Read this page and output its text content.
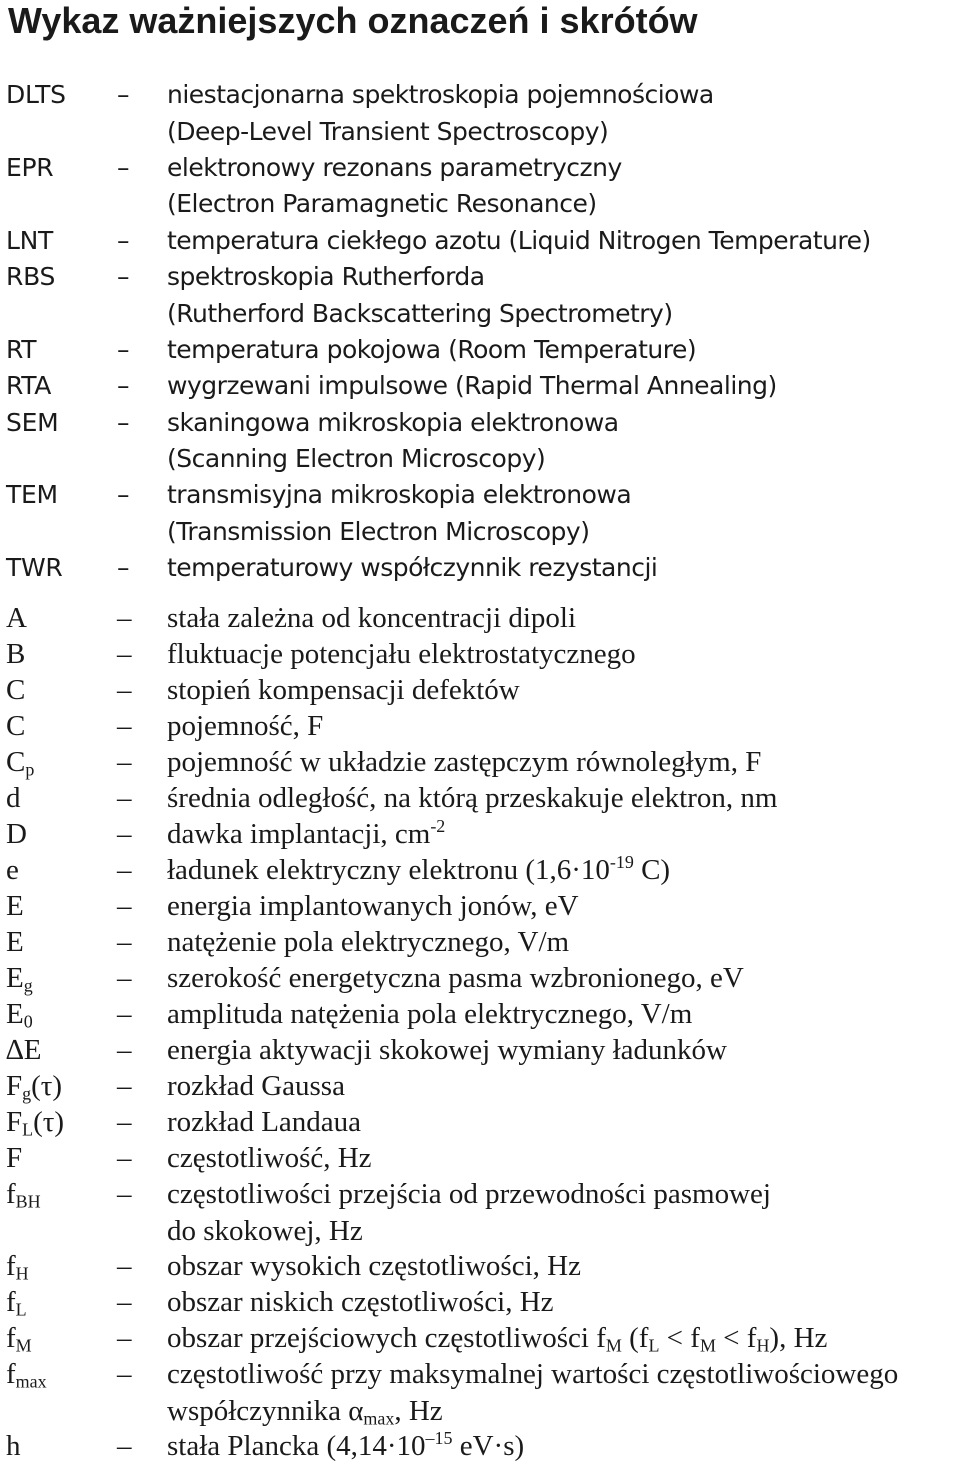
Wykaz ważniejszych oznaczeń i skrótów
DLTS – niestacjonarna spektroskopia pojemnościowa
(Deep-Level Transient Spectroscopy)
EPR	– elektronowy rezonans parametryczny
(Electron Paramagnetic Resonance)
LNT	– temperatura ciekłego azotu (Liquid Nitrogen Temperature)
RBS – spektroskopia Rutherforda
(Rutherford Backscattering Spectrometry)
RT	– temperatura pokojowa (Room Temperature)
RTA	– wygrzewani impulsowe (Rapid Thermal Annealing)
SEM – skaningowa mikroskopia elektronowa
(Scanning Electron Microscopy)
TEM – transmisyjna mikroskopia elektronowa
(Transmission Electron Microscopy)
TWR – temperaturowy współczynnik rezystancji
A	– stała zależna od koncentracji dipoli
B	– fluktuacje potencjału elektrostatycznego
C	– stopień kompensacji defektów
C	– pojemność, F
$C_p$	– pojemność w układzie zastępczym równoległym, F
d	– średnia odległość, na którą przeskakuje elektron, nm
D	– dawka implantacji, $cm^{-2}$
e	– ładunek elektryczny elektronu ($1,6\cdot 10^{-19}$ C)
E	– energia implantowanych jonów, eV
E	– natężenie pola elektrycznego, V/m
$E_g$	– szerokość energetyczna pasma wzbronionego, eV
$E_0$	– amplituda natężenia pola elektrycznego, V/m
∆E	– energia aktywacji skokowej wymiany ładunków
$F_g(\tau)$ – rozkład Gaussa
$F_L(\tau)$ – rozkład Landaua
F	– częstotliwość, Hz
$f_{BH}$	– częstotliwości przejścia od przewodności pasmowej
do skokowej, Hz
$f_H$	– obszar wysokich częstotliwości, Hz
$f_L$	– obszar niskich częstotliwości, Hz
$f_M$	– obszar przejściowych częstotliwości $f_M$ $(f_L < f_M < f_H)$, Hz
$f_{max}$ – częstotliwość przy maksymalnej wartości częstotliwościowego
współczynnika $\alpha_{max}$, Hz
h	– stała Plancka ($4,14\cdot 10^{-15}$ eV·s)
